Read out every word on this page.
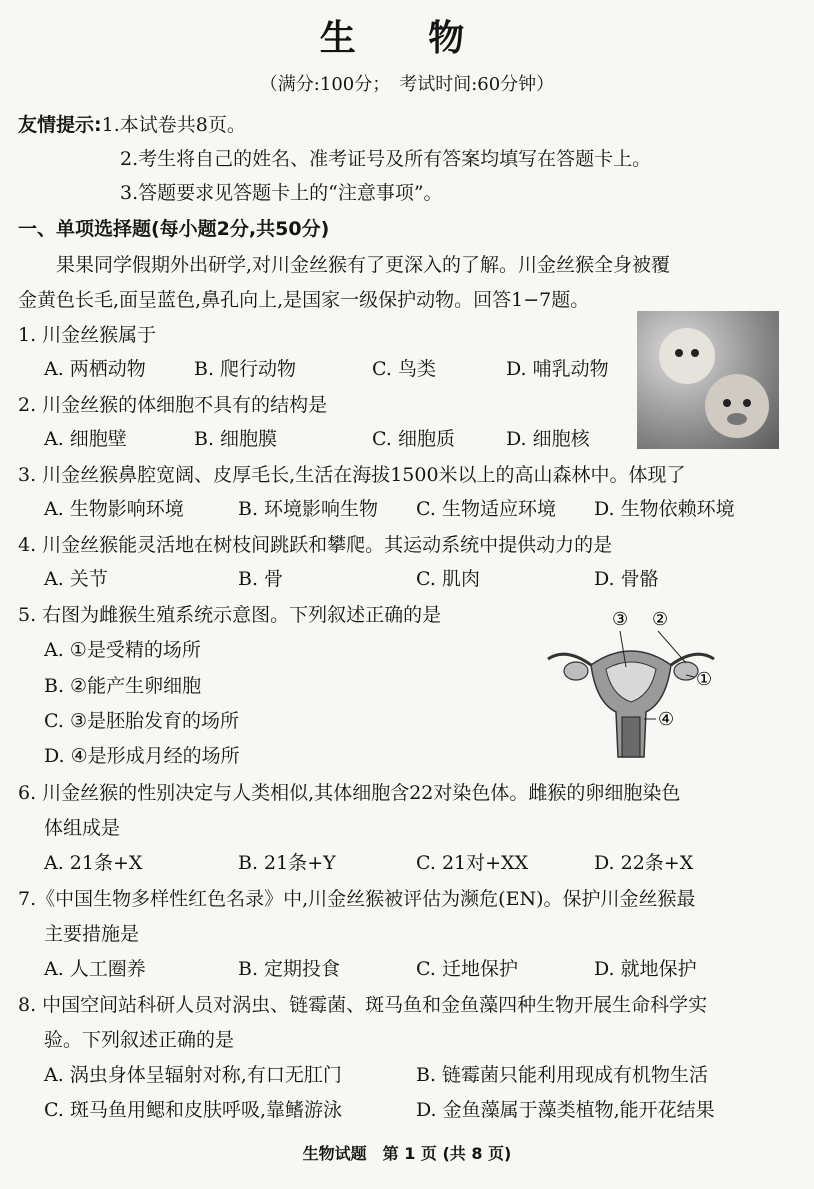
生 物
（满分:100分；　考试时间:60分钟）
友情提示:1.本试卷共8页。
2.考生将自己的姓名、准考证号及所有答案均填写在答题卡上。
3.答题要求见答题卡上的“注意事项”。
一、单项选择题(每小题2分,共50分)
果果同学假期外出研学,对川金丝猴有了更深入的了解。川金丝猴全身被覆
金黄色长毛,面呈蓝色,鼻孔向上,是国家一级保护动物。回答1−7题。
1. 川金丝猴属于
A. 两栖动物	B. 爬行动物	C. 鸟类	D. 哺乳动物
2. 川金丝猴的体细胞不具有的结构是
A. 细胞壁	B. 细胞膜	C. 细胞质	D. 细胞核
3. 川金丝猴鼻腔宽阔、皮厚毛长,生活在海拔1500米以上的高山森林中。体现了
A. 生物影响环境	B. 环境影响生物 C. 生物适应环境 D. 生物依赖环境
4. 川金丝猴能灵活地在树枝间跳跃和攀爬。其运动系统中提供动力的是
A. 关节	B. 骨	C. 肌肉	D. 骨骼
5. 右图为雌猴生殖系统示意图。下列叙述正确的是
A. ①是受精的场所
B. ②能产生卵细胞
C. ③是胚胎发育的场所
D. ④是形成月经的场所
③ ②
①
④
6. 川金丝猴的性别决定与人类相似,其体细胞含22对染色体。雌猴的卵细胞染色
体组成是
A. 21条+X	B. 21条+Y	C. 21对+XX	D. 22条+X
7.《中国生物多样性红色名录》中,川金丝猴被评估为濒危(EN)。保护川金丝猴最
主要措施是
A. 人工圈养	B. 定期投食	C. 迁地保护	D. 就地保护
8. 中国空间站科研人员对涡虫、链霉菌、斑马鱼和金鱼藻四种生物开展生命科学实
验。下列叙述正确的是
A. 涡虫身体呈辐射对称,有口无肛门	B. 链霉菌只能利用现成有机物生活
C. 斑马鱼用鳃和皮肤呼吸,靠鳍游泳	D. 金鱼藻属于藻类植物,能开花结果
生物试题　第 1 页 (共 8 页)
